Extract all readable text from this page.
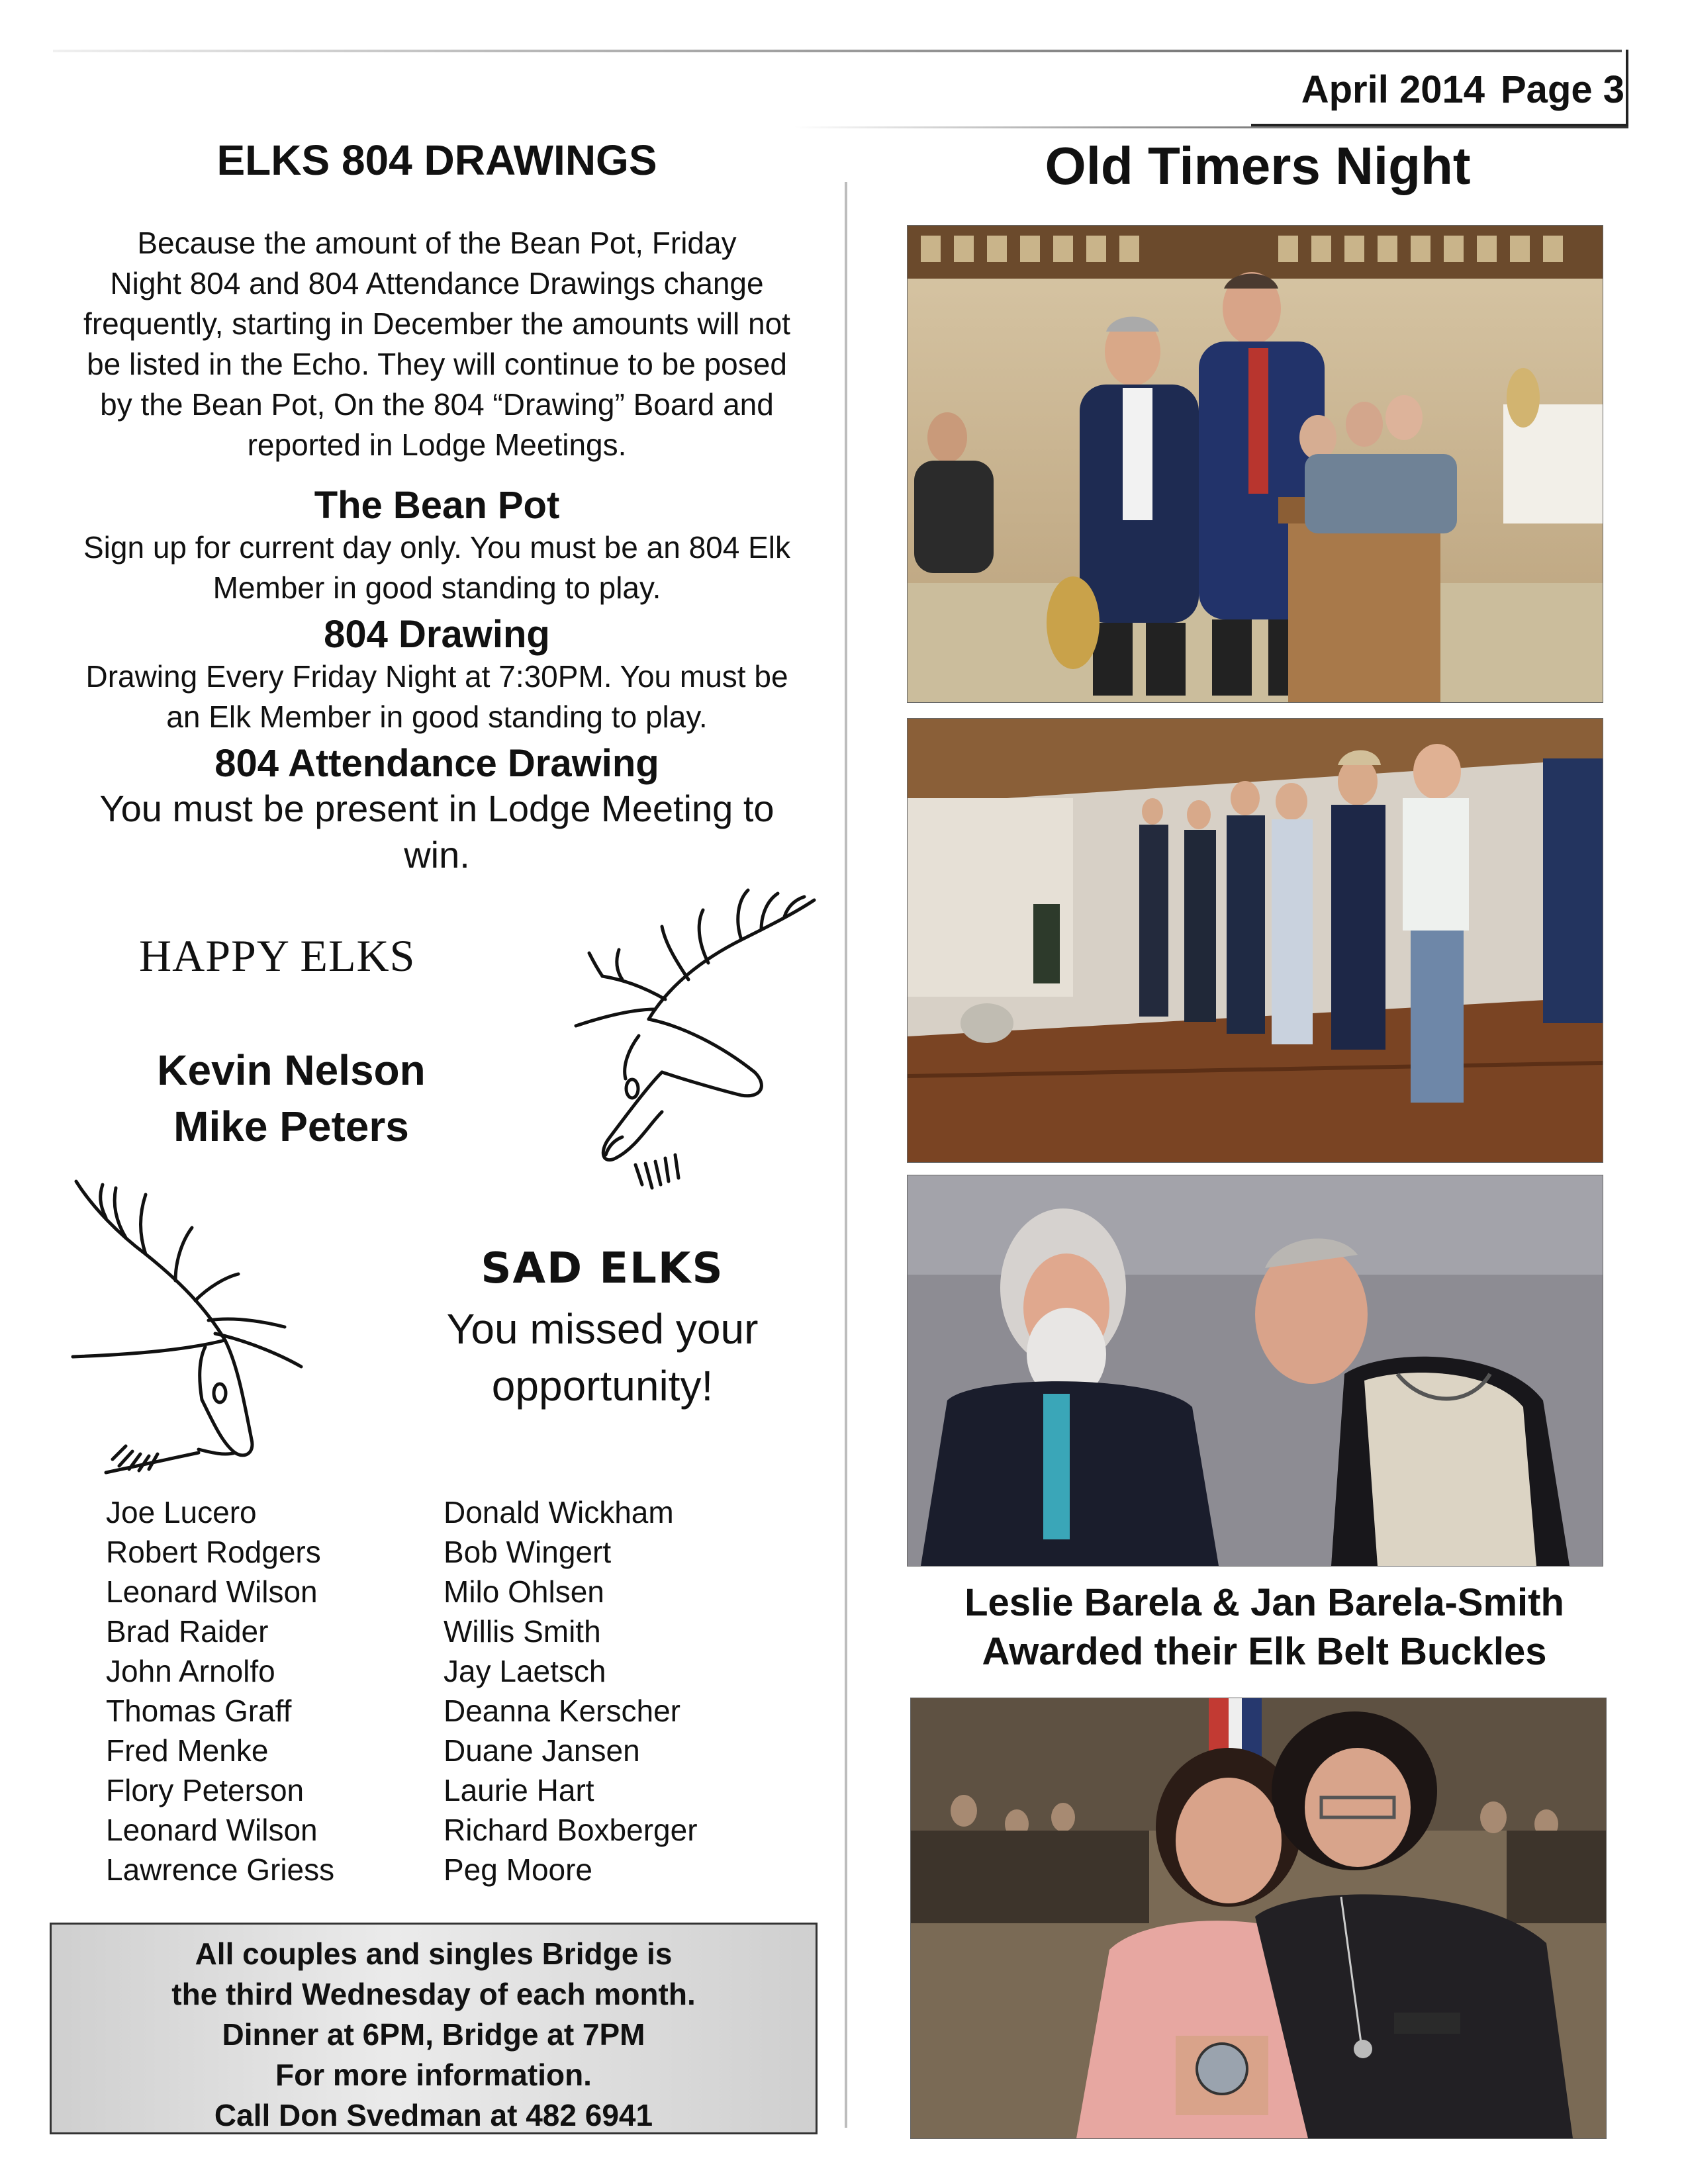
April 2014 Page 3
ELKS 804 DRAWINGS
Because the amount of the Bean Pot, Friday
Night 804 and 804 Attendance Drawings change
frequently, starting in December the amounts will not
be listed in the Echo. They will continue to be posed
by the Bean Pot, On the 804 “Drawing” Board and
reported in Lodge Meetings.
The Bean Pot
Sign up for current day only. You must be an 804 Elk
Member in good standing to play.
804 Drawing
Drawing Every Friday Night at 7:30PM. You must be
an Elk Member in good standing to play.
804 Attendance Drawing
You must be present in Lodge Meeting to
win.
HAPPY ELKS
Kevin Nelson
Mike Peters
SAD ELKS
You missed your
opportunity!
Joe Lucero
Robert Rodgers
Leonard Wilson
Brad Raider
John Arnolfo
Thomas Graff
Fred Menke
Flory Peterson
Leonard Wilson
Lawrence Griess
Donald Wickham
Bob Wingert
Milo Ohlsen
Willis Smith
Jay Laetsch
Deanna Kerscher
Duane Jansen
Laurie Hart
Richard Boxberger
Peg Moore
All couples and singles Bridge is
the third Wednesday of each month.
Dinner at 6PM, Bridge at 7PM
For more information.
Call Don Svedman at 482 6941
Old Timers Night
Leslie Barela & Jan Barela-Smith
Awarded their Elk Belt Buckles
